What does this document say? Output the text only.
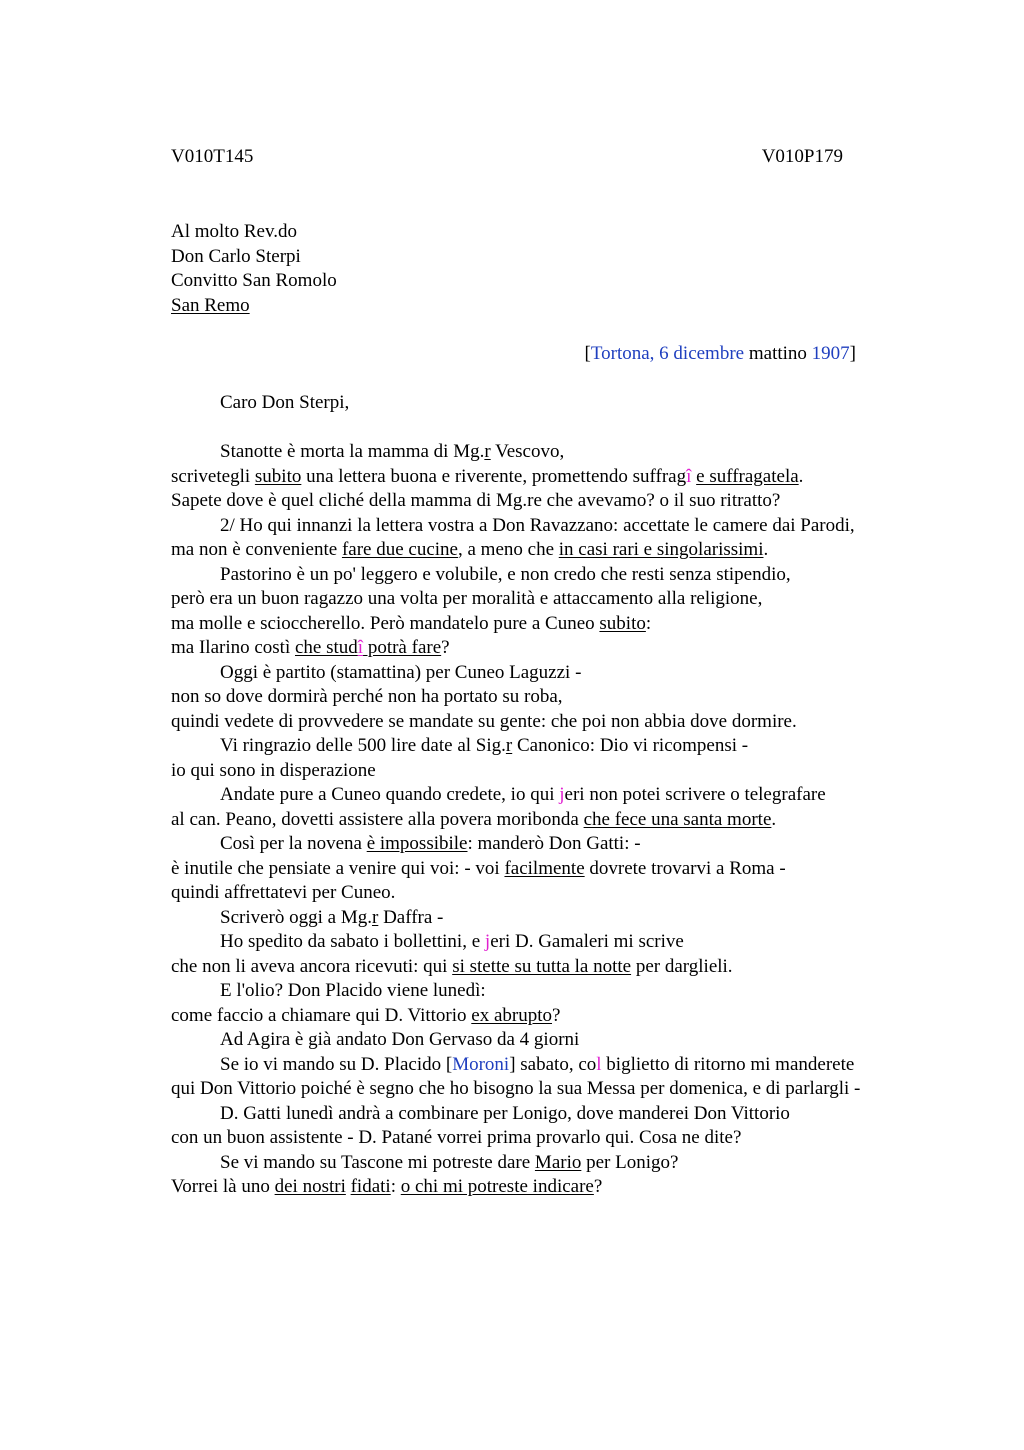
V010T145	V010P179
Al molto Rev.do
Don Carlo Sterpi
Convitto San Romolo
San Remo
[Tortona, 6 dicembre mattino 1907]
Caro Don Sterpi,
Stanotte è morta la mamma di Mg.r Vescovo,
scrivetegli subito una lettera buona e riverente, promettendo suffragî e suffragatela.
Sapete dove è quel cliché della mamma di Mg.re che avevamo? o il suo ritratto?
2/ Ho qui innanzi la lettera vostra a Don Ravazzano: accettate le camere dai Parodi,
ma non è conveniente fare due cucine, a meno che in casi rari e singolarissimi.
Pastorino è un po' leggero e volubile, e non credo che resti senza stipendio,
però era un buon ragazzo una volta per moralità e attaccamento alla religione,
ma molle e scioccherello. Però mandatelo pure a Cuneo subito:
ma Ilarino costì che studî potrà fare?
Oggi è partito (stamattina) per Cuneo Laguzzi -
non so dove dormirà perché non ha portato su roba,
quindi vedete di provvedere se mandate su gente: che poi non abbia dove dormire.
Vi ringrazio delle 500 lire date al Sig.r Canonico: Dio vi ricompensi -
io qui sono in disperazione
Andate pure a Cuneo quando credete, io qui jeri non potei scrivere o telegrafare
al can. Peano, dovetti assistere alla povera moribonda che fece una santa morte.
Così per la novena è impossibile: manderò Don Gatti: -
è inutile che pensiate a venire qui voi: - voi facilmente dovrete trovarvi a Roma -
quindi affrettatevi per Cuneo.
Scriverò oggi a Mg.r Daffra -
Ho spedito da sabato i bollettini, e jeri D. Gamaleri mi scrive
che non li aveva ancora ricevuti: qui si stette su tutta la notte per darglieli.
E l'olio? Don Placido viene lunedì:
come faccio a chiamare qui D. Vittorio ex abrupto?
Ad Agira è già andato Don Gervaso da 4 giorni
Se io vi mando su D. Placido [Moroni] sabato, col biglietto di ritorno mi manderete
qui Don Vittorio poiché è segno che ho bisogno la sua Messa per domenica, e di parlargli -
D. Gatti lunedì andrà a combinare per Lonigo, dove manderei Don Vittorio
con un buon assistente - D. Patané vorrei prima provarlo qui. Cosa ne dite?
Se vi mando su Tascone mi potreste dare Mario per Lonigo?
Vorrei là uno dei nostri fidati: o chi mi potreste indicare?
